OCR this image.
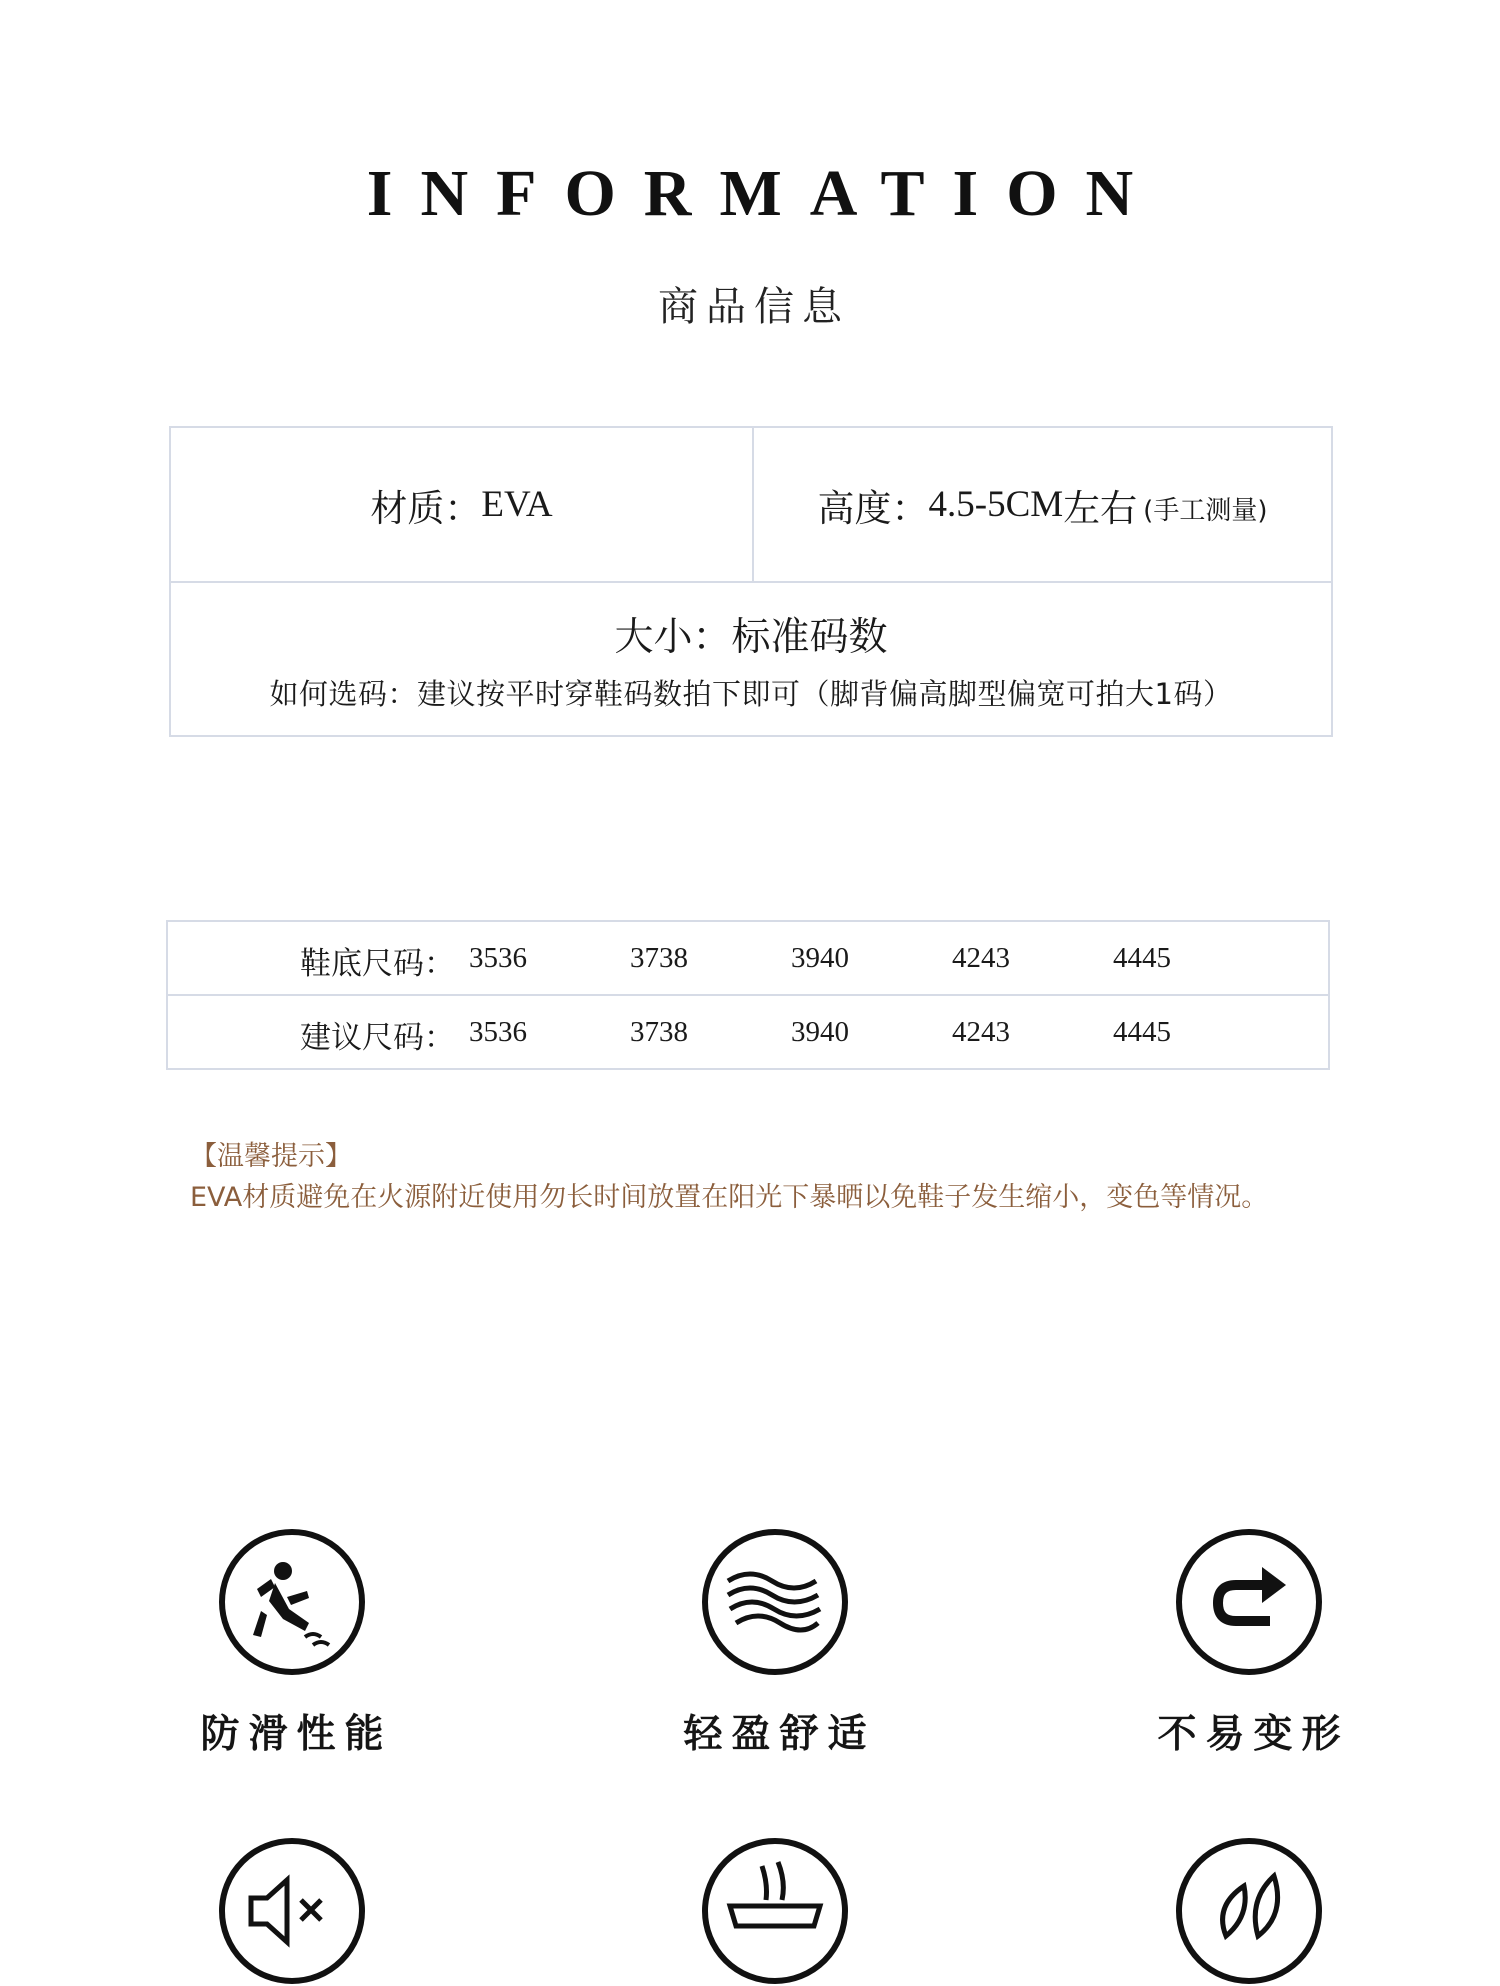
INFORMATION
商品信息
材质： EVA	高度： 4.5-5CM 左右 (手工测量)
大小：标准码数
如何选码：建议按平时穿鞋码数拍下即可（脚背偏高脚型偏宽可拍大1码）
鞋底尺码： 3536	3738	3940	4243	4445
建议尺码： 3536	3738	3940	4243	4445
【温馨提示】
EVA材质避免在火源附近使用勿长时间放置在阳光下暴晒以免鞋子发生缩小，变色等情况。
防滑性能	轻盈舒适	不易变形
